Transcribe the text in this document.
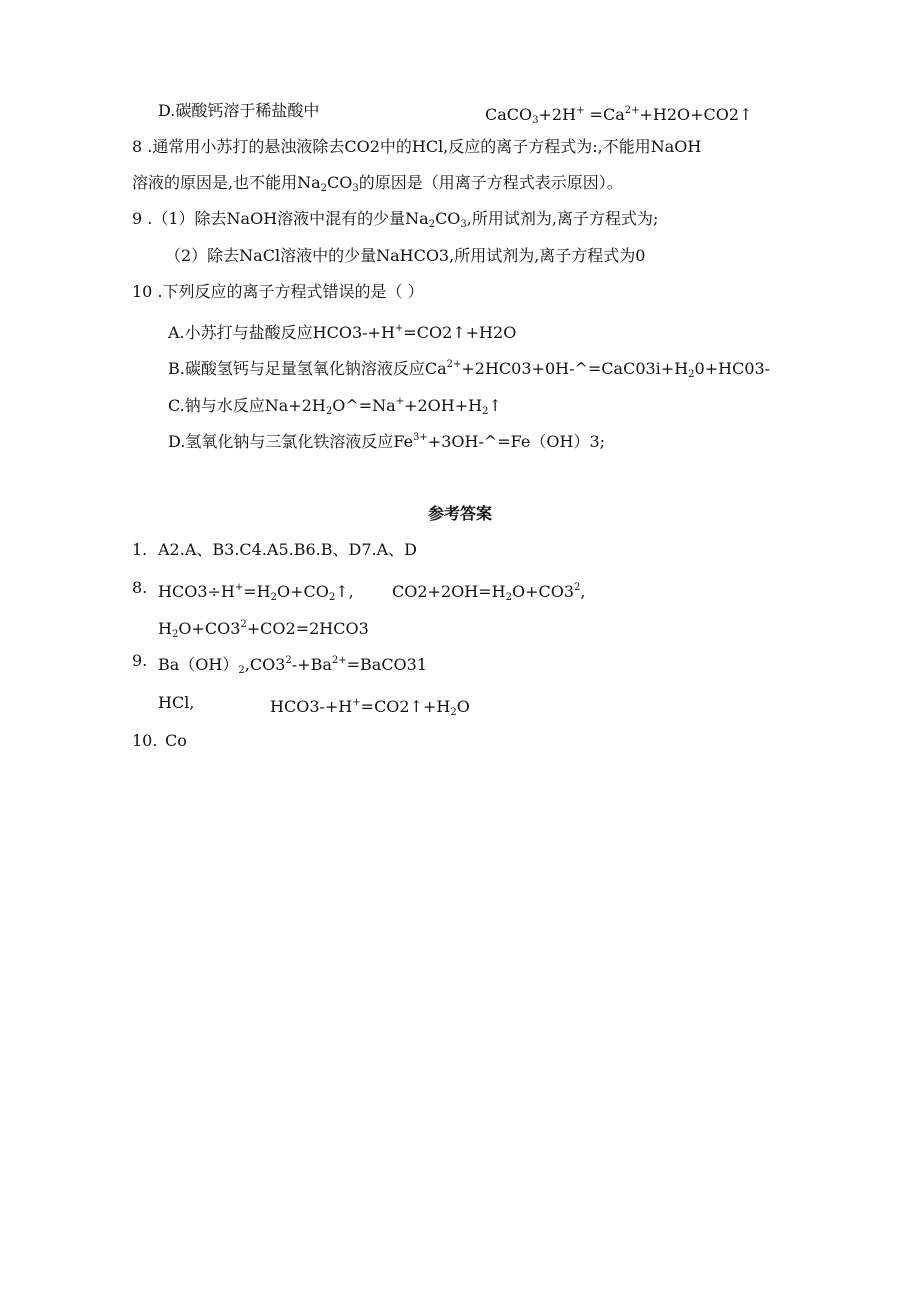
D.碳酸钙溶于稀盐酸中	CaCO$_3$+2H+ $=Ca^{2+}+H2O+CO2↑$
8 .通常用小苏打的悬浊液除去CO2中的HCl,反应的离子方程式为:,不能用NaOH
溶液的原因是,也不能用$Na_2CO_3$的原因是（用离子方程式表示原因）。
9 .（1）除去NaOH溶液中混有的少量$Na_2CO_3$,所用试剂为,离子方程式为;
（2）除去NaCl溶液中的少量NaHCO3,所用试剂为,离子方程式为0
10 .下列反应的离子方程式错误的是（ ）
A.小苏打与盐酸反应HCO3-+H+=CO2↑+H2O
B.碳酸氢钙与足量氢氧化钠溶液反应$Ca^{2+}+2HC03+0H-\^{}=CaC03i+H_20+HC03-$
C.钠与水反应$Na+2H_2O\^{}=Na^++2OH+H_2↑$
D.氢氧化钠与三氯化铁溶液反应$Fe^{3+}+3OH-\^{}=Fe(OH)3$;
参考答案
1. A2.A、B3.C4.A5.B6.B、D7.A、D
8. $HCO3\div H^+=H_2O+CO_2↑$, $CO2+2OH=H_2O+CO3^2$,
$H_2O+CO3^2+CO2=2HCO3$
9. $Ba(OH)_2,CO3^2-+Ba^{2+}=BaCO31$
HCl,	$HCO3-+H^+=CO2↑+H_2O$
10. Co
